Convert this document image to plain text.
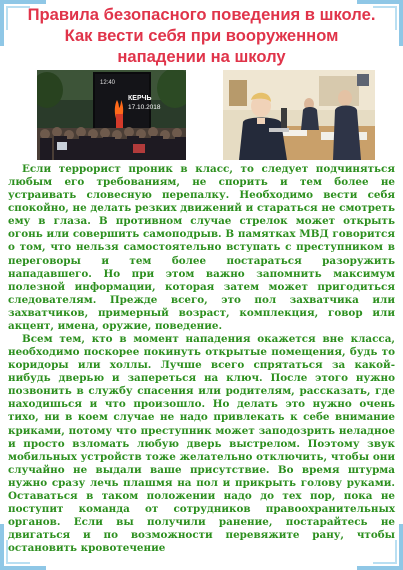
Правила безопасного поведения в школе.
Как вести себя при вооруженном нападении на школу
12:40
КЕРЧЬ
17.10.2018

Если террорист проник в класс, то следует подчиняться любым его требованиям, не спорить и тем более не устраивать словесную перепалку. Необходимо вести себя спокойно, не делать резких движений и стараться не смотреть ему в глаза. В противном случае стрелок может открыть огонь или совершить самоподрыв. В памятках МВД говорится о том, что нельзя самостоятельно вступать с преступником в переговоры и тем более постараться разоружить нападавшего. Но при этом важно запомнить максимум полезной информации, которая затем может пригодиться следователям. Прежде всего, это пол захватчика или захватчиков, примерный возраст, комплекция, говор или акцент, имена, оружие, поведение.

Всем тем, кто в момент нападения окажется вне класса, необходимо поскорее покинуть открытые помещения, будь то коридоры или холлы. Лучше всего спрятаться за какой-нибудь дверью и запереться на ключ. После этого нужно позвонить в службу спасения или родителям, рассказать, где находишься и что произошло. Но делать это нужно очень тихо, ни в коем случае не надо привлекать к себе внимание криками, потому что преступник может заподозрить неладное и просто взломать любую дверь выстрелом. Поэтому звук мобильных устройств тоже желательно отключить, чтобы они случайно не выдали ваше присутствие. Во время штурма нужно сразу лечь плашмя на пол и прикрыть голову руками. Оставаться в таком положении надо до тех пор, пока не поступит команда от сотрудников правоохранительных органов. Если вы получили ранение, постарайтесь не двигаться и по возможности перевяжите рану, чтобы остановить кровотечение
